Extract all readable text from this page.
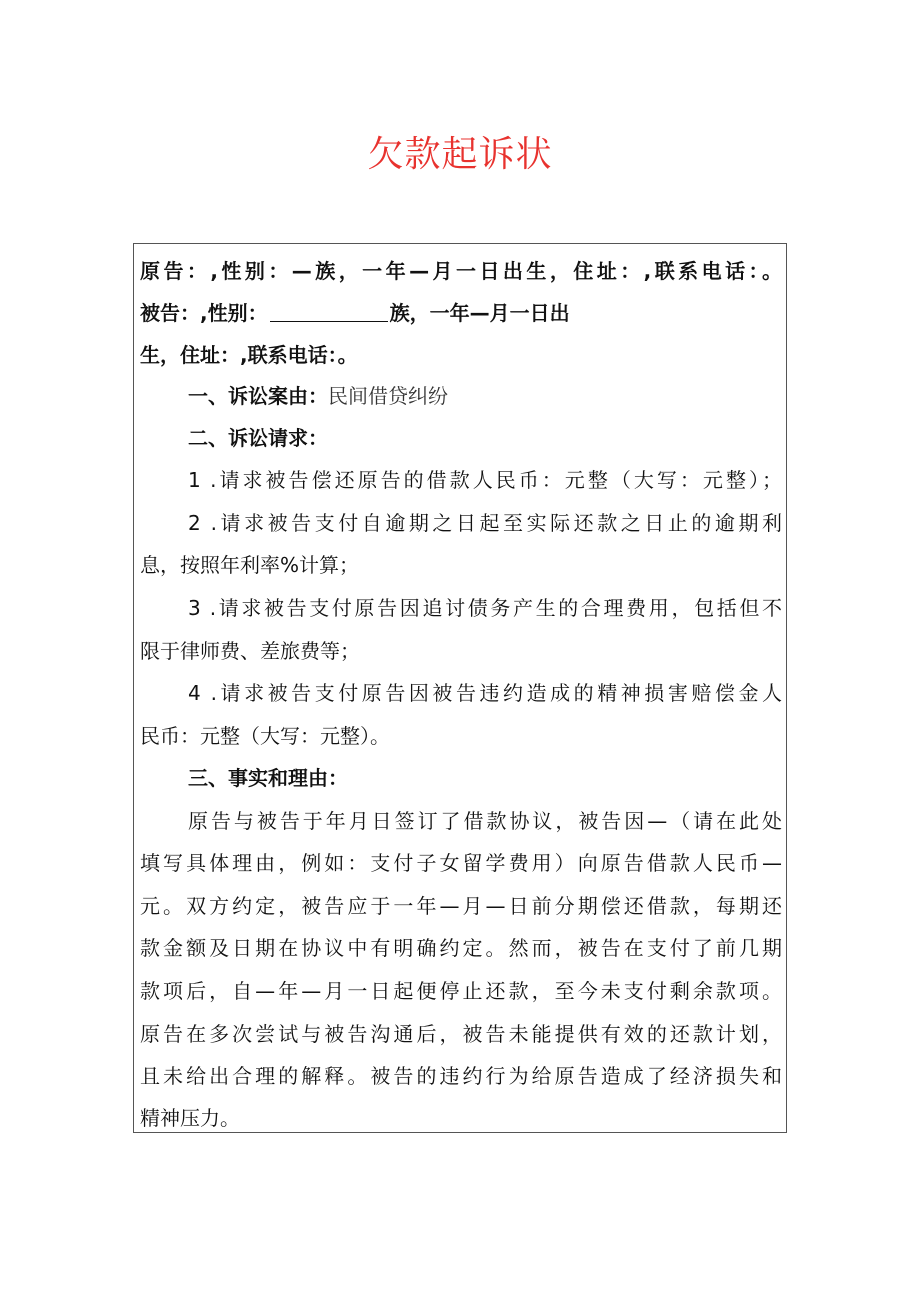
欠款起诉状
原告：,性别：—族，一年—月一日出生，住址：,联系电话：。
被告：,性别：	族，一年—月一日出
生，住址：,联系电话：。
一、诉讼案由：民间借贷纠纷
二、诉讼请求：
1 .请求被告偿还原告的借款人民币：元整（大写：元整）；
2 .请求被告支付自逾期之日起至实际还款之日止的逾期利
息，按照年利率%计算；
3 .请求被告支付原告因追讨债务产生的合理费用，包括但不
限于律师费、差旅费等；
4 .请求被告支付原告因被告违约造成的精神损害赔偿金人
民币：元整（大写：元整）。
三、事实和理由：
原告与被告于年月日签订了借款协议，被告因—（请在此处
填写具体理由，例如：支付子女留学费用）向原告借款人民币—
元。双方约定，被告应于一年—月—日前分期偿还借款，每期还
款金额及日期在协议中有明确约定。然而，被告在支付了前几期
款项后，自—年—月一日起便停止还款，至今未支付剩余款项。
原告在多次尝试与被告沟通后，被告未能提供有效的还款计划，
且未给出合理的解释。被告的违约行为给原告造成了经济损失和
精神压力。
